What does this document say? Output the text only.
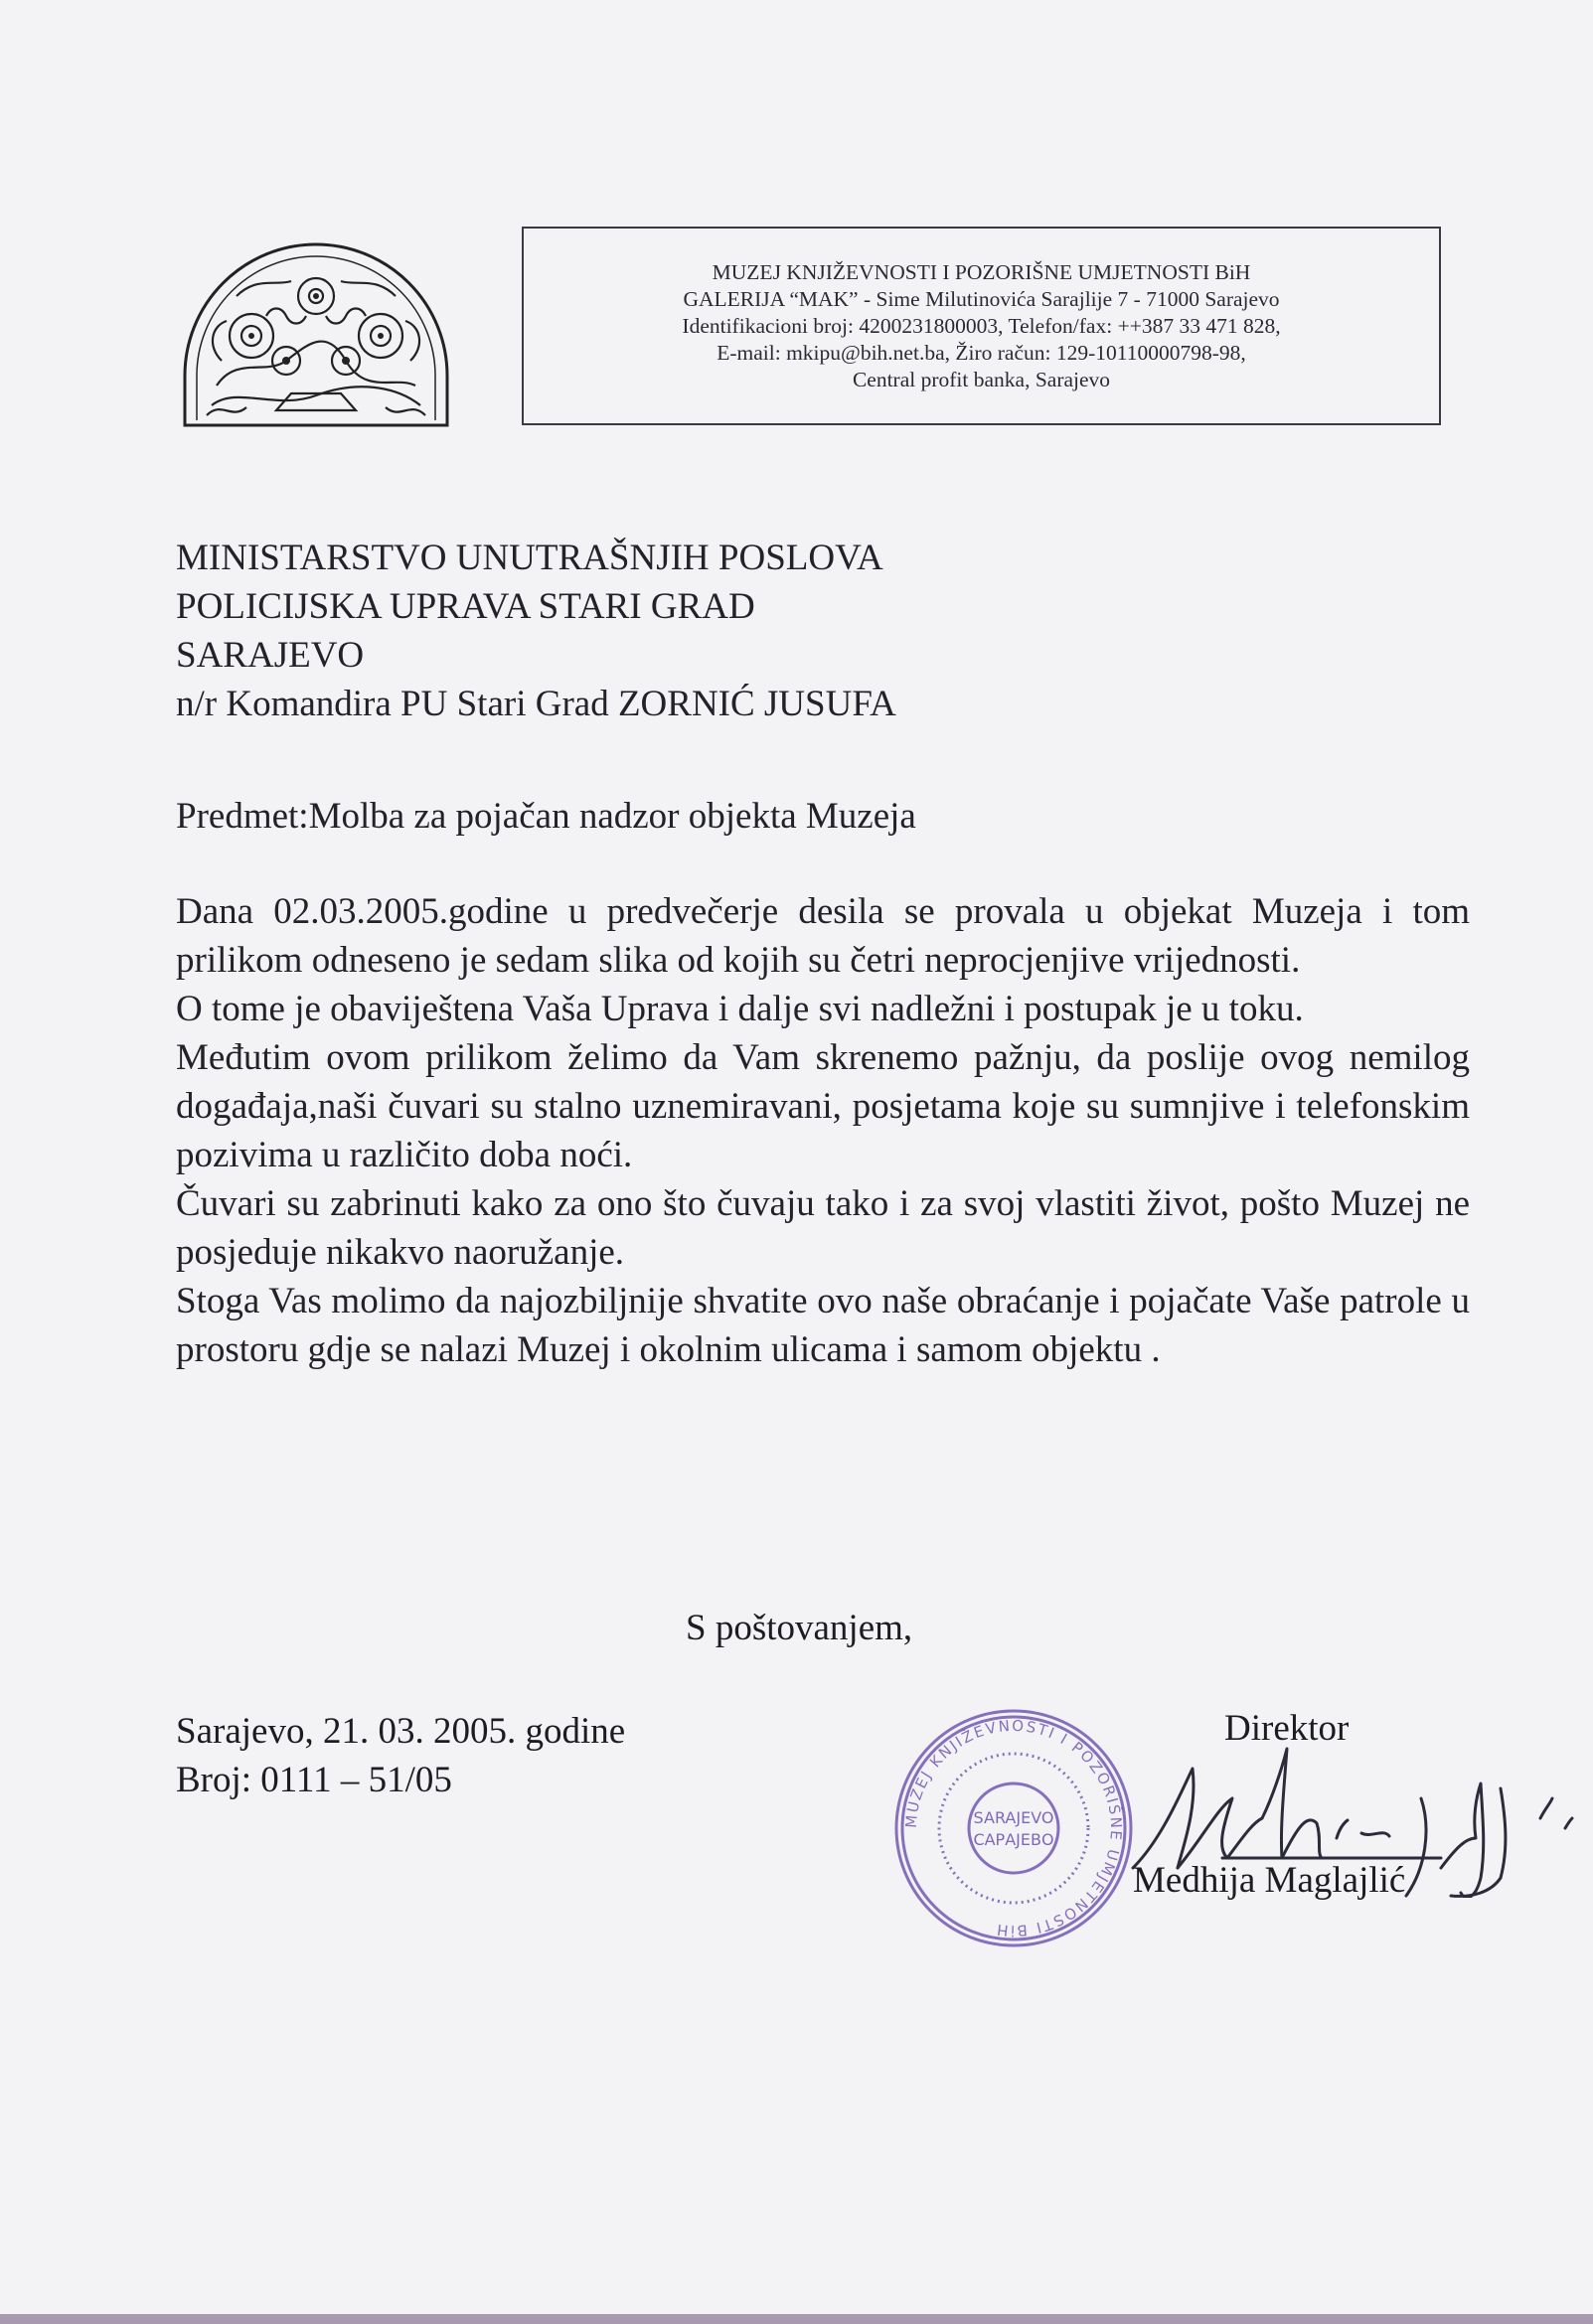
MUZEJ KNJIŽEVNOSTI I POZORIŠNE UMJETNOSTI BiH
GALERIJA “MAK” - Sime Milutinovića Sarajlije 7 - 71000 Sarajevo
Identifikacioni broj: 4200231800003, Telefon/fax: ++387 33 471 828,
E-mail: mkipu@bih.net.ba, Žiro račun: 129-10110000798-98,
Central profit banka, Sarajevo
MINISTARSTVO UNUTRAŠNJIH POSLOVA
POLICIJSKA UPRAVA STARI GRAD
SARAJEVO
n/r Komandira PU Stari Grad ZORNIĆ JUSUFA
Predmet:Molba za pojačan nadzor objekta Muzeja
Dana 02.03.2005.godine u predvečerje desila se provala u objekat Muzeja i tom prilikom odneseno je sedam slika od kojih su četri neprocjenjive vrijednosti.
O tome je obaviještena Vaša Uprava i dalje svi nadležni i postupak je u toku.
Međutim ovom prilikom želimo da Vam skrenemo pažnju, da poslije ovog nemilog događaja,naši čuvari su stalno uznemiravani, posjetama koje su sumnjive i telefonskim pozivima u različito doba noći.
Čuvari su zabrinuti kako za ono što čuvaju tako i za svoj vlastiti život, pošto Muzej ne posjeduje nikakvo naoružanje.
Stoga Vas molimo da najozbiljnije shvatite ovo naše obraćanje i pojačate Vaše patrole u prostoru gdje se nalazi Muzej i okolnim ulicama i samom objektu .
S poštovanjem,
Sarajevo, 21. 03. 2005. godine
Broj: 0111 – 51/05
Direktor
MUZEJ KNJIŽEVNOSTI I POZORIŠNE UMJETNOSTI BiH
SARAJEVO
САРАЈЕВО
Medhija Maglajlić
